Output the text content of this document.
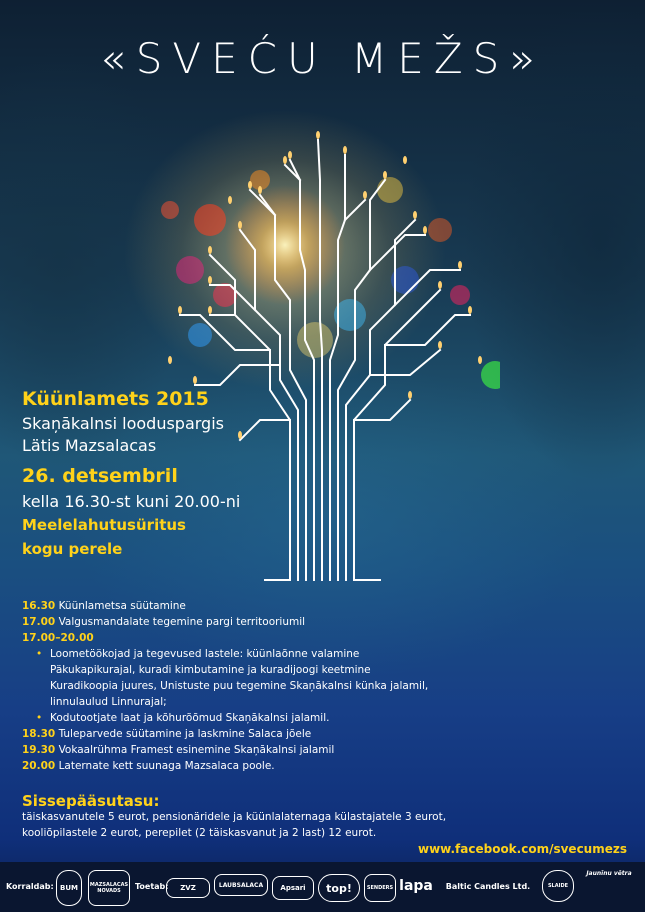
«SVEĆU MEŽS»
Küünlamets 2015
Skaņākalnsi looduspargis
Lätis Mazsalacas
26. detsembril
kella 16.30-st kuni 20.00-ni
Meelelahutusüritus
kogu perele
16.30 Küünlametsa süütamine
17.00 Valgusmandalate tegemine pargi territooriumil
17.00–20.00
• Loometöökojad ja tegevused lastele: küünlaõnne valamine
Päkukapikurajal, kuradi kimbutamine ja kuradijoogi keetmine
Kuradikoopia juures, Unistuste puu tegemine Skaņākalnsi künka jalamil,
linnulaulud Linnurajal;
• Kodutootjate laat ja kõhurõõmud Skaņākalnsi jalamil.
18.30 Tuleparvede süütamine ja laskmine Salaca jõele
19.30 Vokaalrühma Framest esinemine Skaņākalnsi jalamil
20.00 Laternate kett suunaga Mazsalaca poole.
Sissepääsutasu:
täiskasvanutele 5 eurot, pensionäridele ja küünlalaternaga külastajatele 3 eurot,
kooliõpilastele 2 eurot, perepilet (2 täiskasvanut ja 2 last) 12 eurot.
www.facebook.com/svecumezs
Korraldab: BUM	MAZSALACAS NOVADS	Toetab:	ZVZ	LAUBSALACA	Apsari	top!	SENDERS lapa	Baltic Candles Ltd.	SLAIDE
Jaunīnu vētra
